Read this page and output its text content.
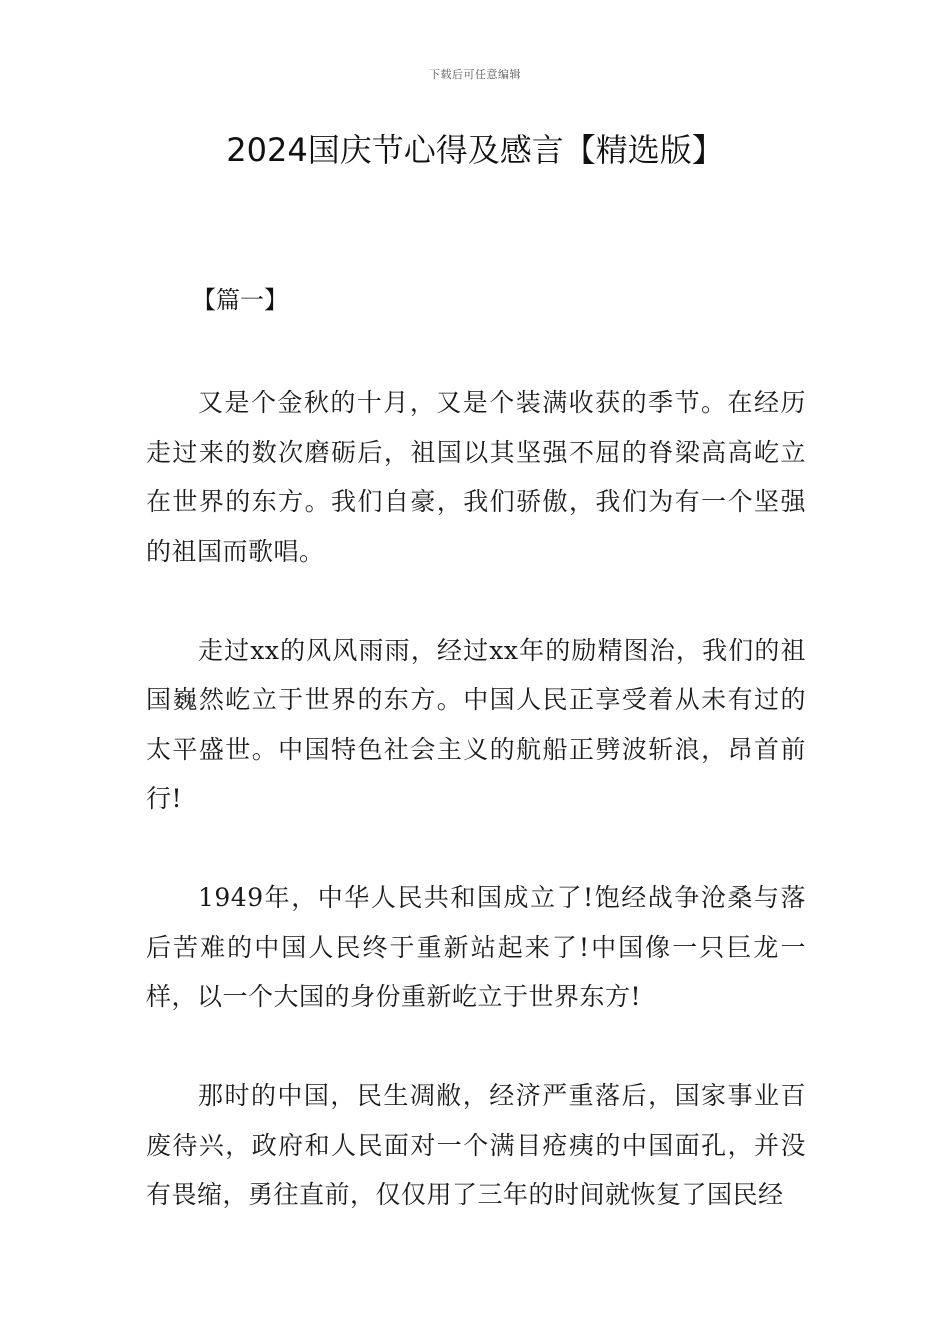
下载后可任意编辑
2024国庆节心得及感言【精选版】
【篇一】

又是个金秋的十月，又是个装满收获的季节。在经历走过来的数次磨砺后，祖国以其坚强不屈的脊梁高高屹立在世界的东方。我们自豪，我们骄傲，我们为有一个坚强的祖国而歌唱。

走过xx的风风雨雨，经过xx年的励精图治，我们的祖国巍然屹立于世界的东方。中国人民正享受着从未有过的太平盛世。中国特色社会主义的航船正劈波斩浪，昂首前行!

1949年，中华人民共和国成立了!饱经战争沧桑与落后苦难的中国人民终于重新站起来了!中国像一只巨龙一样，以一个大国的身份重新屹立于世界东方!

那时的中国，民生凋敝，经济严重落后，国家事业百废待兴，政府和人民面对一个满目疮痍的中国面孔，并没有畏缩，勇往直前，仅仅用了三年的时间就恢复了国民经
